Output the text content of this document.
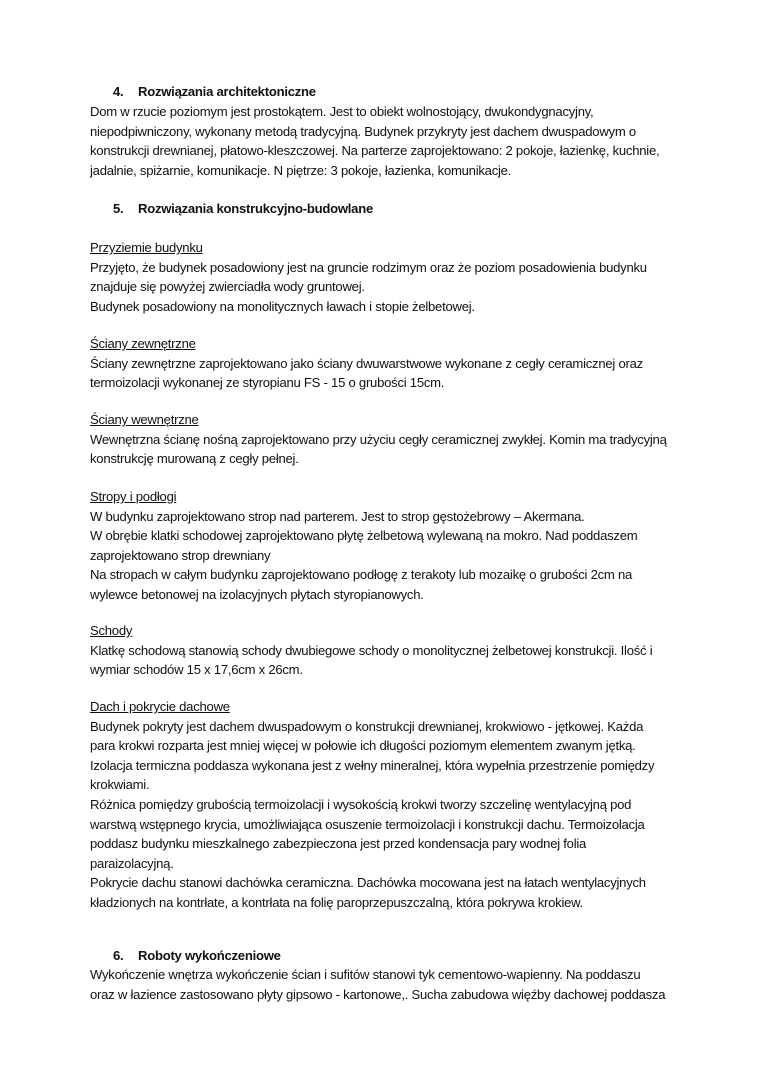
4. Rozwiązania architektoniczne
Dom w rzucie poziomym jest prostokątem. Jest to obiekt wolnostojący, dwukondygnacyjny,
niepodpiwniczony, wykonany metodą tradycyjną. Budynek przykryty jest dachem dwuspadowym o
konstrukcji drewnianej, płatowo-kleszczowej. Na parterze zaprojektowano: 2 pokoje, łazienkę, kuchnie,
jadalnie, spiżarnie, komunikacje. N piętrze: 3 pokoje, łazienka, komunikacje.
5. Rozwiązania konstrukcyjno-budowlane
Przyziemie budynku
Przyjęto, że budynek posadowiony jest na gruncie rodzimym oraz że poziom posadowienia budynku
znajduje się powyżej zwierciadła wody gruntowej.
Budynek posadowiony na monolitycznych ławach i stopie żelbetowej.
Ściany zewnętrzne
Ściany zewnętrzne zaprojektowano jako ściany dwuwarstwowe wykonane z cegły ceramicznej oraz
termoizolacji wykonanej ze styropianu FS - 15 o grubości 15cm.
Ściany wewnętrzne
Wewnętrzna ścianę nośną zaprojektowano przy użyciu cegły ceramicznej zwykłej. Komin ma tradycyjną
konstrukcję murowaną z cegły pełnej.
Stropy i podłogi
W budynku zaprojektowano strop nad parterem. Jest to strop gęstożebrowy – Akermana.
W obrębie klatki schodowej zaprojektowano płytę żelbetową wylewaną na mokro. Nad poddaszem
zaprojektowano strop drewniany
Na stropach w całym budynku zaprojektowano podłogę z terakoty lub mozaikę o grubości 2cm na
wylewce betonowej na izolacyjnych płytach styropianowych.
Schody
Klatkę schodową stanowią schody dwubiegowe schody o monolitycznej żelbetowej konstrukcji. Ilość i
wymiar schodów 15 x 17,6cm x 26cm.
Dach i pokrycie dachowe
Budynek pokryty jest dachem dwuspadowym o konstrukcji drewnianej, krokwiowo - jętkowej. Każda
para krokwi rozparta jest mniej więcej w połowie ich długości poziomym elementem zwanym jętką.
Izolacja termiczna poddasza wykonana jest z wełny mineralnej, która wypełnia przestrzenie pomiędzy
krokwiami.
Różnica pomiędzy grubością termoizolacji i wysokością krokwi tworzy szczelinę wentylacyjną pod
warstwą wstępnego krycia, umożliwiająca osuszenie termoizolacji i konstrukcji dachu. Termoizolacja
poddasz budynku mieszkalnego zabezpieczona jest przed kondensacja pary wodnej folia
paraizolacyjną.
Pokrycie dachu stanowi dachówka ceramiczna. Dachówka mocowana jest na łatach wentylacyjnych
kładzionych na kontrłate, a kontrłata na folię paroprzepuszczalną, która pokrywa krokiew.
6. Roboty wykończeniowe
Wykończenie wnętrza wykończenie ścian i sufitów stanowi tyk cementowo-wapienny. Na poddaszu
oraz w łazience zastosowano płyty gipsowo - kartonowe,. Sucha zabudowa więźby dachowej poddasza
